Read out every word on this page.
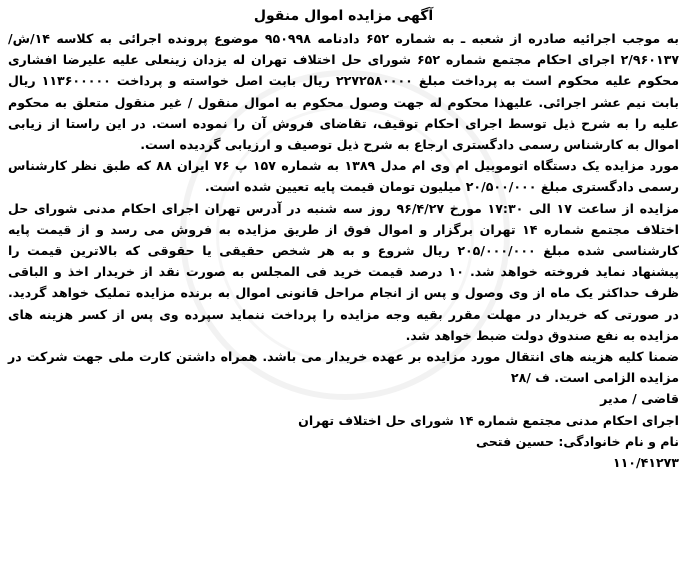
آگهی مزایده اموال منقول

به موجب اجرائیه صادره از شعبه ـ به شماره ۶۵۲ دادنامه ۹۵۰۹۹۸ موضوع پرونده اجرائی به کلاسه ۱۴/ش/۲/۹۶۰۱۳۷ اجرای احکام مجتمع شماره ۶۵۲ شورای حل اختلاف تهران له یزدان زینعلی علیه علیرضا افشاری محکوم علیه محکوم است به پرداخت مبلغ ۲۲۷۲۵۸۰۰۰۰ ریال بابت اصل خواسته و پرداخت ۱۱۳۶۰۰۰۰۰ ریال بابت نیم عشر اجرائی. علیهذا محکوم له جهت وصول محکوم به اموال منقول / غیر منقول متعلق به محکوم علیه را به شرح ذیل توسط اجرای احکام توقیف، تقاضای فروش آن را نموده است. در این راستا از زیابی اموال به کارشناس رسمی دادگستری ارجاع به شرح ذیل توصیف و ارزیابی گردیده است.

مورد مزایده یک دستگاه اتوموبیل ام وی ام مدل ۱۳۸۹ به شماره ۱۵۷ پ ۷۶ ایران ۸۸ که طبق نظر کارشناس رسمی دادگستری مبلغ ۲۰/۵۰۰/۰۰۰ میلیون تومان قیمت پایه تعیین شده است.

مزایده از ساعت ۱۷ الی ۱۷:۳۰ مورخ ۹۶/۴/۲۷ روز سه شنبه در آدرس تهران اجرای احکام مدنی شورای حل اختلاف مجتمع شماره ۱۴ تهران برگزار و اموال فوق از طریق مزایده به فروش می رسد و از قیمت پایه کارشناسی شده مبلغ ۲۰۵/۰۰۰/۰۰۰ ریال شروع و به هر شخص حقیقی یا حقوقی که بالاترین قیمت را پیشنهاد نماید فروخته خواهد شد. ۱۰ درصد قیمت خرید فی المجلس به صورت نقد از خریدار اخذ و الباقی ظرف حداکثر یک ماه از وی وصول و پس از انجام مراحل قانونی اموال به برنده مزایده تملیک خواهد گردید. در صورتی که خریدار در مهلت مقرر بقیه وجه مزایده را پرداخت ننماید سپرده وی پس از کسر هزینه های مزایده به نفع صندوق دولت ضبط خواهد شد.

ضمنا کلیه هزینه های انتقال مورد مزایده بر عهده خریدار می باشد. همراه داشتن کارت ملی جهت شرکت در مزایده الزامی است. ف /۲۸

قاضی / مدیر

اجرای احکام مدنی مجتمع شماره ۱۴ شورای حل اختلاف تهران

نام و نام خانوادگی: حسین فتحی

۱۱۰/۴۱۲۷۳
